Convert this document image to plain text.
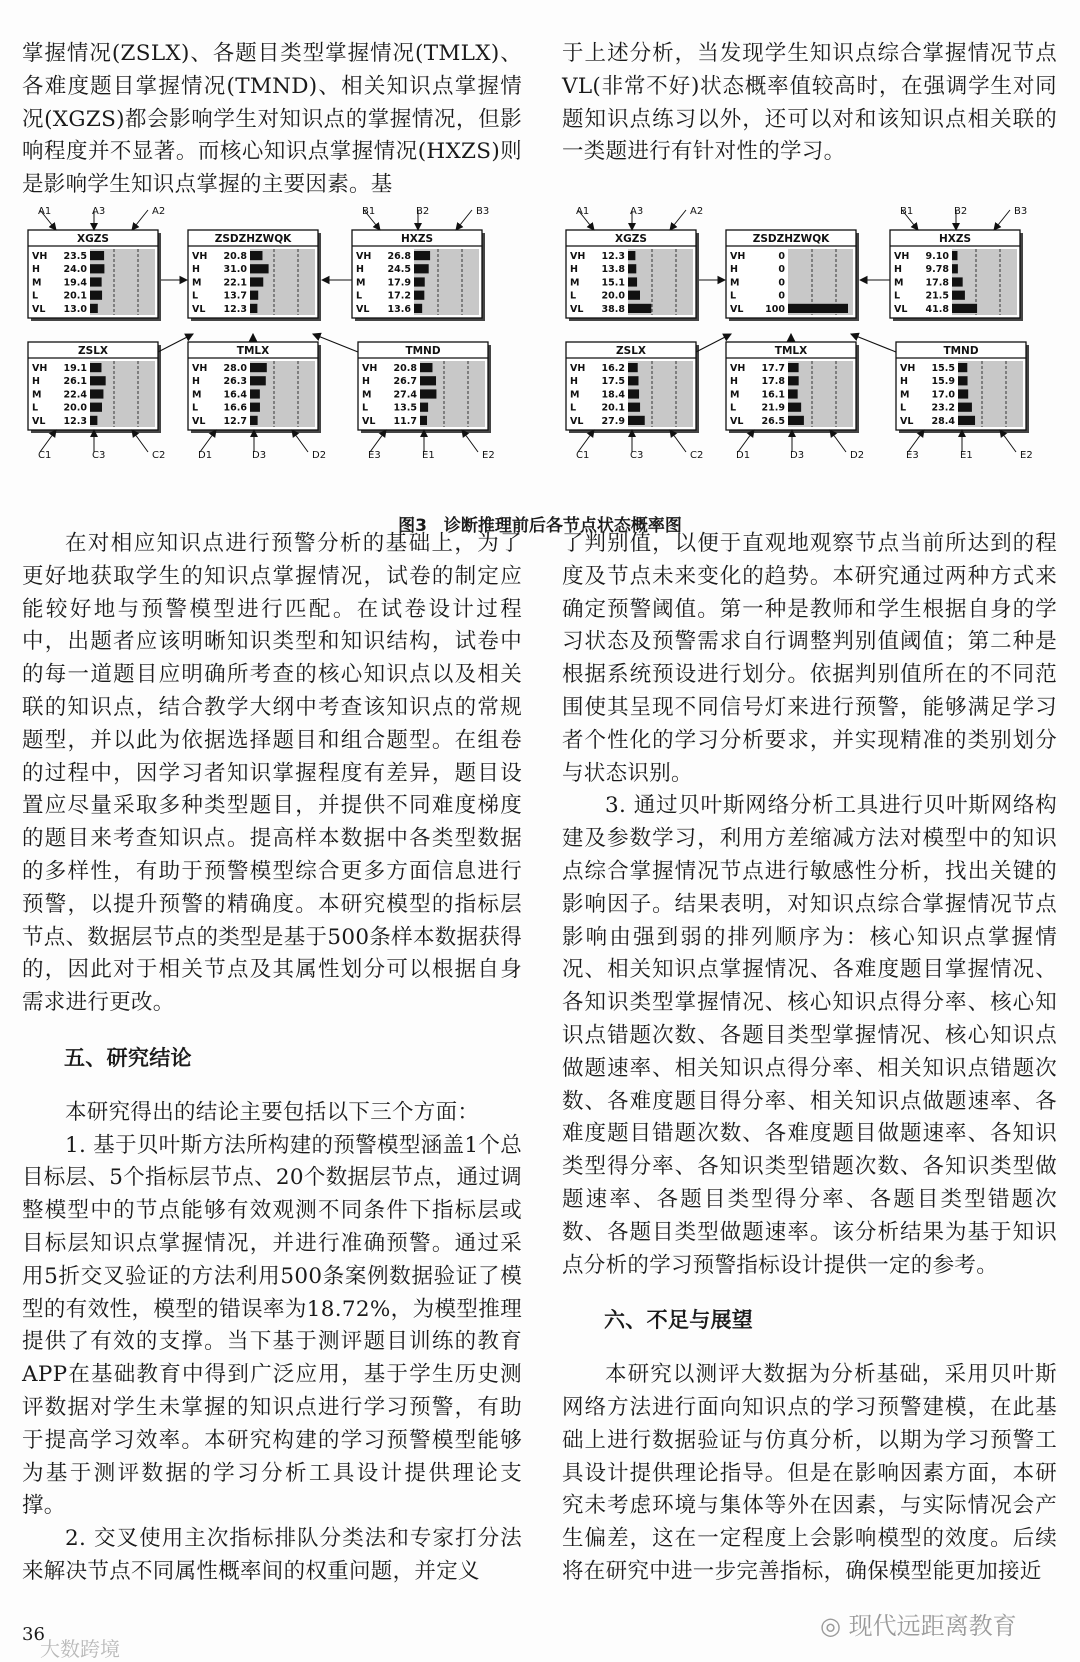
掌握情况(ZSLX)、各题目类型掌握情况(TMLX)、各难度题目掌握情况(TMND)、相关知识点掌握情况(XGZS)都会影响学生对知识点的掌握情况，但影响程度并不显著。而核心知识点掌握情况(HXZS)则是影响学生知识点掌握的主要因素。基

于上述分析，当发现学生知识点综合掌握情况节点VL(非常不好)状态概率值较高时，在强调学生对同题知识点练习以外，还可以对和该知识点相关联的一类题进行有针对性的学习。

XGZS
VH 23.5
H 24.0
M 19.4
L	20.1
VL 13.0
A1	A3	A2
ZSDZHZWQK
VH 20.8
H 31.0
M 22.1
L	13.7
VL 12.3
HXZS
VH 26.8
H 24.5
M 17.9
L	17.2
VL 13.6
B1	B2	B3
ZSLX
VH 19.1
H 26.1
M 22.4
L	20.0
VL 12.3
C1	C3	C2
TMLX
VH 28.0
H 26.3
M 16.4
L	16.6
VL 12.7
D1	D3	D2
TMND
VH 20.8
H 26.7
M 27.4
L	13.5
VL 11.7
E3	E1	E2
XGZS
VH 12.3
H 13.8
M 15.1
L	20.0
VL 38.8
A1	A3	A2
ZSDZHZWQK
VH	0
H	0
M	0
L	0
VL 100
HXZS
VH 9.10
H 9.78
M 17.8
L	21.5
VL 41.8
B1	B2	B3
ZSLX
VH 16.2
H 17.5
M 18.4
L	20.1
VL 27.9
C1	C3	C2
TMLX
VH 17.7
H 17.8
M 16.1
L	21.9
VL 26.5
D1	D3	D2
TMND
VH 15.5
H 15.9
M 17.0
L	23.2
VL 28.4
E3	E1	E2
图3　诊断推理前后各节点状态概率图

在对相应知识点进行预警分析的基础上，为了更好地获取学生的知识点掌握情况，试卷的制定应能较好地与预警模型进行匹配。在试卷设计过程中，出题者应该明晰知识类型和知识结构，试卷中的每一道题目应明确所考查的核心知识点以及相关联的知识点，结合教学大纲中考查该知识点的常规题型，并以此为依据选择题目和组合题型。在组卷的过程中，因学习者知识掌握程度有差异，题目设置应尽量采取多种类型题目，并提供不同难度梯度的题目来考查知识点。提高样本数据中各类型数据的多样性，有助于预警模型综合更多方面信息进行预警，以提升预警的精确度。本研究模型的指标层节点、数据层节点的类型是基于500条样本数据获得的，因此对于相关节点及其属性划分可以根据自身需求进行更改。

五、研究结论

本研究得出的结论主要包括以下三个方面：

1. 基于贝叶斯方法所构建的预警模型涵盖1个总目标层、5个指标层节点、20个数据层节点，通过调整模型中的节点能够有效观测不同条件下指标层或目标层知识点掌握情况，并进行准确预警。通过采用5折交叉验证的方法利用500条案例数据验证了模型的有效性，模型的错误率为18.72%，为模型推理提供了有效的支撑。当下基于测评题目训练的教育APP在基础教育中得到广泛应用，基于学生历史测评数据对学生未掌握的知识点进行学习预警，有助于提高学习效率。本研究构建的学习预警模型能够为基于测评数据的学习分析工具设计提供理论支撑。

2. 交叉使用主次指标排队分类法和专家打分法来解决节点不同属性概率间的权重问题，并定义

了判别值，以便于直观地观察节点当前所达到的程度及节点未来变化的趋势。本研究通过两种方式来确定预警阈值。第一种是教师和学生根据自身的学习状态及预警需求自行调整判别值阈值；第二种是根据系统预设进行划分。依据判别值所在的不同范围使其呈现不同信号灯来进行预警，能够满足学习者个性化的学习分析要求，并实现精准的类别划分与状态识别。

3. 通过贝叶斯网络分析工具进行贝叶斯网络构建及参数学习，利用方差缩减方法对模型中的知识点综合掌握情况节点进行敏感性分析，找出关键的影响因子。结果表明，对知识点综合掌握情况节点影响由强到弱的排列顺序为：核心知识点掌握情况、相关知识点掌握情况、各难度题目掌握情况、各知识类型掌握情况、核心知识点得分率、核心知识点错题次数、各题目类型掌握情况、核心知识点做题速率、相关知识点得分率、相关知识点错题次数、各难度题目得分率、相关知识点做题速率、各难度题目错题次数、各难度题目做题速率、各知识类型得分率、各知识类型错题次数、各知识类型做题速率、各题目类型得分率、各题目类型错题次数、各题目类型做题速率。该分析结果为基于知识点分析的学习预警指标设计提供一定的参考。

六、不足与展望

本研究以测评大数据为分析基础，采用贝叶斯网络方法进行面向知识点的学习预警建模，在此基础上进行数据验证与仿真分析，以期为学习预警工具设计提供理论指导。但是在影响因素方面，本研究未考虑环境与集体等外在因素，与实际情况会产生偏差，这在一定程度上会影响模型的效度。后续将在研究中进一步完善指标，确保模型能更加接近

36
大数跨境
◎ 现代远距离教育
